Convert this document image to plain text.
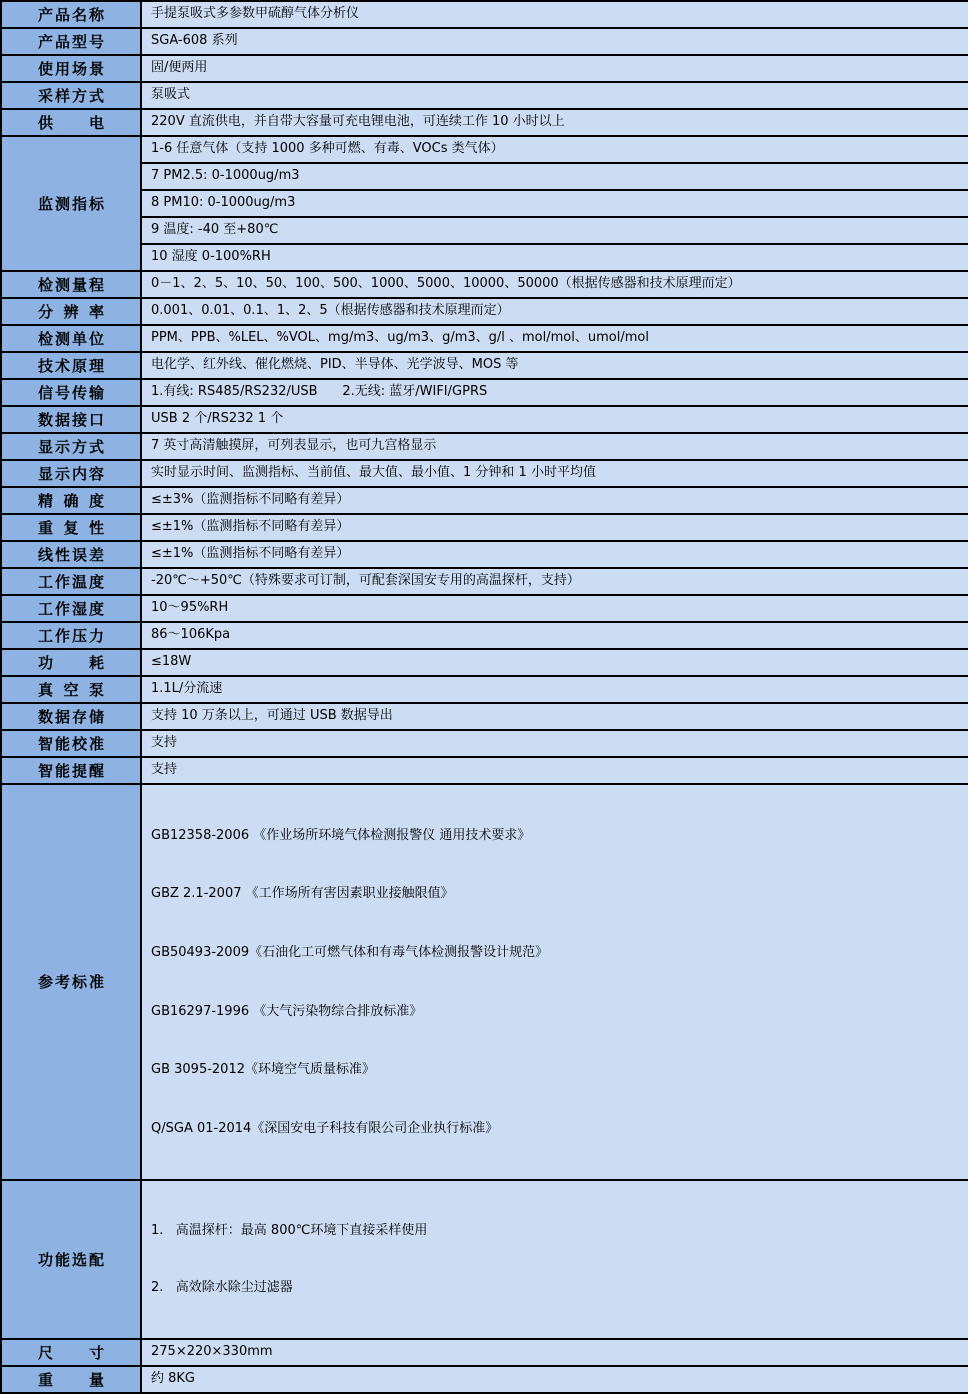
产品名称	手提泵吸式多参数甲硫醇气体分析仪
产品型号	SGA-608 系列
使用场景	固/便两用
采样方式	泵吸式
供电	220V 直流供电，并自带大容量可充电锂电池，可连续工作 10 小时以上
监测指标	1-6 任意气体（支持 1000 多种可燃、有毒、VOCs 类气体）
	7 PM2.5: 0-1000ug/m3
	8 PM10: 0-1000ug/m3
	9 温度: -40 至+80℃
	10 湿度 0-100%RH
检测量程	0－1、2、5、10、50、100、500、1000、5000、10000、50000（根据传感器和技术原理而定）
分辨率	0.001、0.01、0.1、1、2、5（根据传感器和技术原理而定）
检测单位	PPM、PPB、%LEL、%VOL、mg/m3、ug/m3、g/m3、g/l 、mol/mol、umol/mol
技术原理	电化学、红外线、催化燃烧、PID、半导体、光学波导、MOS 等
信号传输	1.有线: RS485/RS232/USB      2.无线: 蓝牙/WIFI/GPRS
数据接口	USB 2 个/RS232 1 个
显示方式	7 英寸高清触摸屏，可列表显示，也可九宫格显示
显示内容	实时显示时间、监测指标、当前值、最大值、最小值、1 分钟和 1 小时平均值
精确度	≤±3%（监测指标不同略有差异）
重复性	≤±1%（监测指标不同略有差异）
线性误差	≤±1%（监测指标不同略有差异）
工作温度	-20℃～+50℃（特殊要求可订制，可配套深国安专用的高温探杆，支持）
工作湿度	10～95%RH
工作压力	86～106Kpa
功耗	≤18W
真空泵	1.1L/分流速
数据存储	支持 10 万条以上，可通过 USB 数据导出
智能校准	支持
智能提醒	支持
参考标准	

GB12358-2006 《作业场所环境气体检测报警仪 通用技术要求》

GBZ 2.1-2007 《工作场所有害因素职业接触限值》

GB50493-2009《石油化工可燃气体和有毒气体检测报警设计规范》

GB16297-1996 《大气污染物综合排放标准》

GB 3095-2012《环境空气质量标准》

Q/SGA 01-2014《深国安电子科技有限公司企业执行标准》

功能选配	1.   高温探杆：最高 800℃环境下直接采样使用

2.   高效除水除尘过滤器

尺寸	275×220×330mm
重量	约 8KG
